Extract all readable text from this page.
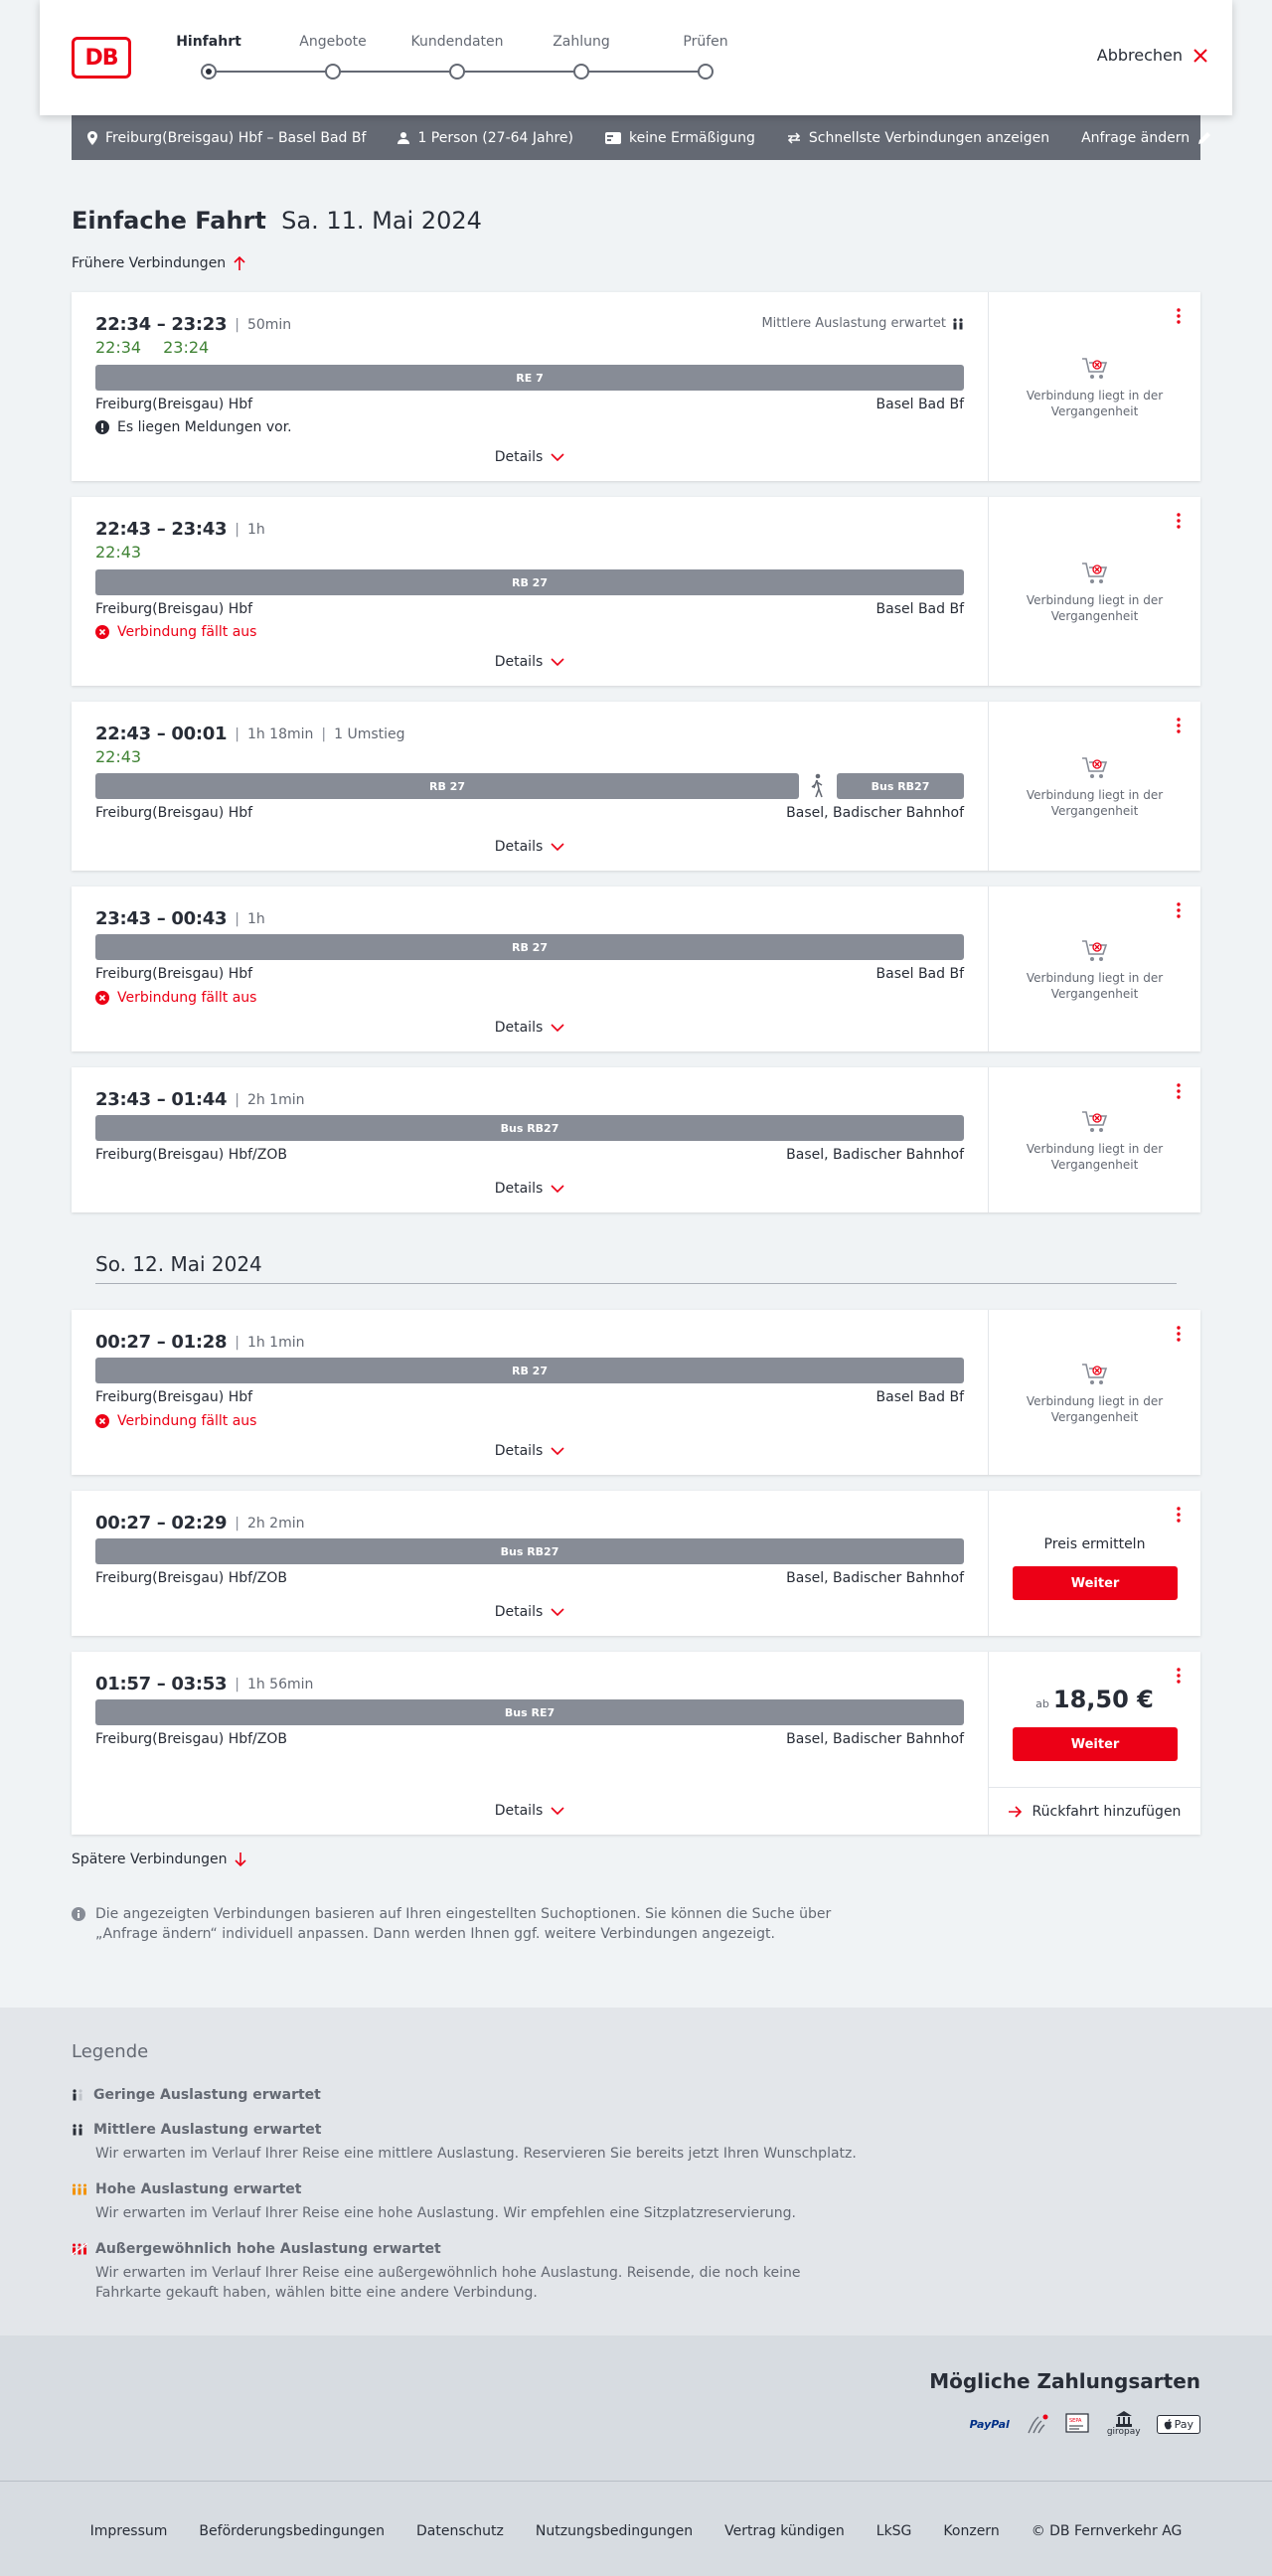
DB
Hinfahrt	Angebote	Kundendaten	Zahlung	Prüfen
Abbrechen
Freiburg(Breisgau) Hbf – Basel Bad Bf	1 Person (27-64 Jahre)	keine Ermäßigung	Schnellste Verbindungen anzeigen Anfrage ändern
Einfache Fahrt Sa. 11. Mai 2024
Frühere Verbindungen
22:34 – 23:23 | 50min
22:34 23:24
Mittlere Auslastung erwartet
RE 7
Freiburg(Breisgau) Hbf	Basel Bad Bf
Es liegen Meldungen vor.
Details
Verbindung liegt in der Vergangenheit
22:43 – 23:43 | 1h
22:43
RB 27
Freiburg(Breisgau) Hbf	Basel Bad Bf
Verbindung fällt aus
Details
Verbindung liegt in der Vergangenheit
22:43 – 00:01 | 1h 18min | 1 Umstieg
22:43
RB 27	Bus RB27
Freiburg(Breisgau) Hbf	Basel, Badischer Bahnhof
Details
Verbindung liegt in der Vergangenheit
23:43 – 00:43 | 1h
RB 27
Freiburg(Breisgau) Hbf	Basel Bad Bf
Verbindung fällt aus
Details
Verbindung liegt in der Vergangenheit
23:43 – 01:44 | 2h 1min
Bus RB27
Freiburg(Breisgau) Hbf/ZOB	Basel, Badischer Bahnhof
Details
Verbindung liegt in der Vergangenheit
So. 12. Mai 2024
00:27 – 01:28 | 1h 1min
RB 27
Freiburg(Breisgau) Hbf	Basel Bad Bf
Verbindung fällt aus
Details
Verbindung liegt in der Vergangenheit
00:27 – 02:29 | 2h 2min
Bus RB27
Freiburg(Breisgau) Hbf/ZOB	Basel, Badischer Bahnhof
Details
Preis ermitteln
Weiter
01:57 – 03:53 | 1h 56min
Bus RE7
Freiburg(Breisgau) Hbf/ZOB	Basel, Badischer Bahnhof
Details
ab 18,50 €
Weiter
Rückfahrt hinzufügen
Spätere Verbindungen
Die angezeigten Verbindungen basieren auf Ihren eingestellten Suchoptionen. Sie können die Suche über „Anfrage ändern“ individuell anpassen. Dann werden Ihnen ggf. weitere Verbindungen angezeigt.
Legende
Geringe Auslastung erwartet
Mittlere Auslastung erwartet
Wir erwarten im Verlauf Ihrer Reise eine mittlere Auslastung. Reservieren Sie bereits jetzt Ihren Wunschplatz.
Hohe Auslastung erwartet
Wir erwarten im Verlauf Ihrer Reise eine hohe Auslastung. Wir empfehlen eine Sitzplatzreservierung.
Außergewöhnlich hohe Auslastung erwartet
Wir erwarten im Verlauf Ihrer Reise eine außergewöhnlich hohe Auslastung. Reisende, die noch keine Fahrkarte gekauft haben, wählen bitte eine andere Verbindung.
Mögliche Zahlungsarten
PayPal	SEPA
giropay
Pay
Impressum Beförderungsbedingungen Datenschutz Nutzungsbedingungen Vertrag kündigen LkSG Konzern © DB Fernverkehr AG
